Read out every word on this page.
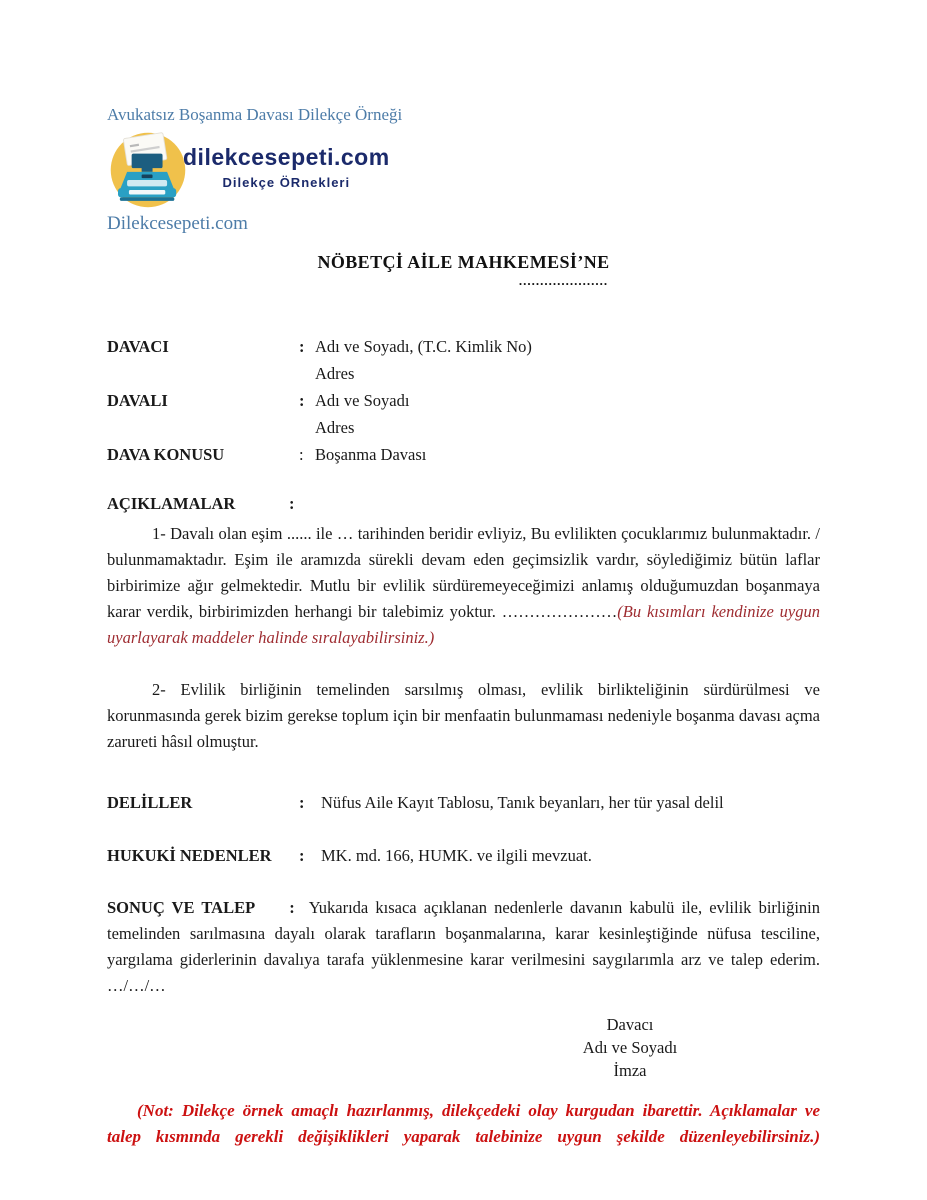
Avukatsız Boşanma Davası Dilekçe Örneği
dilekcesepeti.com
Dilekçe ÖRnekleri
Dilekcesepeti.com
NÖBETÇİ AİLE MAHKEMESİ’NE
.....................
DAVACI	: Adı ve Soyadı, (T.C. Kimlik No)
Adres
DAVALI	: Adı ve Soyadı
Adres
DAVA KONUSU	: Boşanma Davası
AÇIKLAMALAR	:

1- Davalı olan eşim ...... ile … tarihinden beridir evliyiz, Bu evlilikten çocuklarımız bulunmaktadır. / bulunmamaktadır. Eşim ile aramızda sürekli devam eden geçimsizlik vardır, söylediğimiz bütün laflar birbirimize ağır gelmektedir. Mutlu bir evlilik sürdüremeyeceğimizi anlamış olduğumuzdan boşanmaya karar verdik, birbirimizden herhangi bir talebimiz yoktur. …………………(Bu kısımları kendinize uygun uyarlayarak maddeler halinde sıralayabilirsiniz.)

2- Evlilik birliğinin temelinden sarsılmış olması, evlilik birlikteliğinin sürdürülmesi ve korunmasında gerek bizim gerekse toplum için bir menfaatin bulunmaması nedeniyle boşanma davası açma zarureti hâsıl olmuştur.

DELİLLER	:	Nüfus Aile Kayıt Tablosu, Tanık beyanları, her tür yasal delil
HUKUKİ NEDENLER	:	MK. md. 166, HUMK. ve ilgili mevzuat.

SONUÇ VE TALEP : Yukarıda kısaca açıklanan nedenlerle davanın kabulü ile, evlilik birliğinin temelinden sarılmasına dayalı olarak tarafların boşanmalarına, karar kesinleştiğinde nüfusa tesciline, yargılama giderlerinin davalıya tarafa yüklenmesine karar verilmesini saygılarımla arz ve talep ederim. …/…/…

Davacı
Adı ve Soyadı
İmza

(Not: Dilekçe örnek amaçlı hazırlanmış, dilekçedeki olay kurgudan ibarettir. Açıklamalar ve talep kısmında gerekli değişiklikleri yaparak talebinize uygun şekilde düzenleyebilirsiniz.)
